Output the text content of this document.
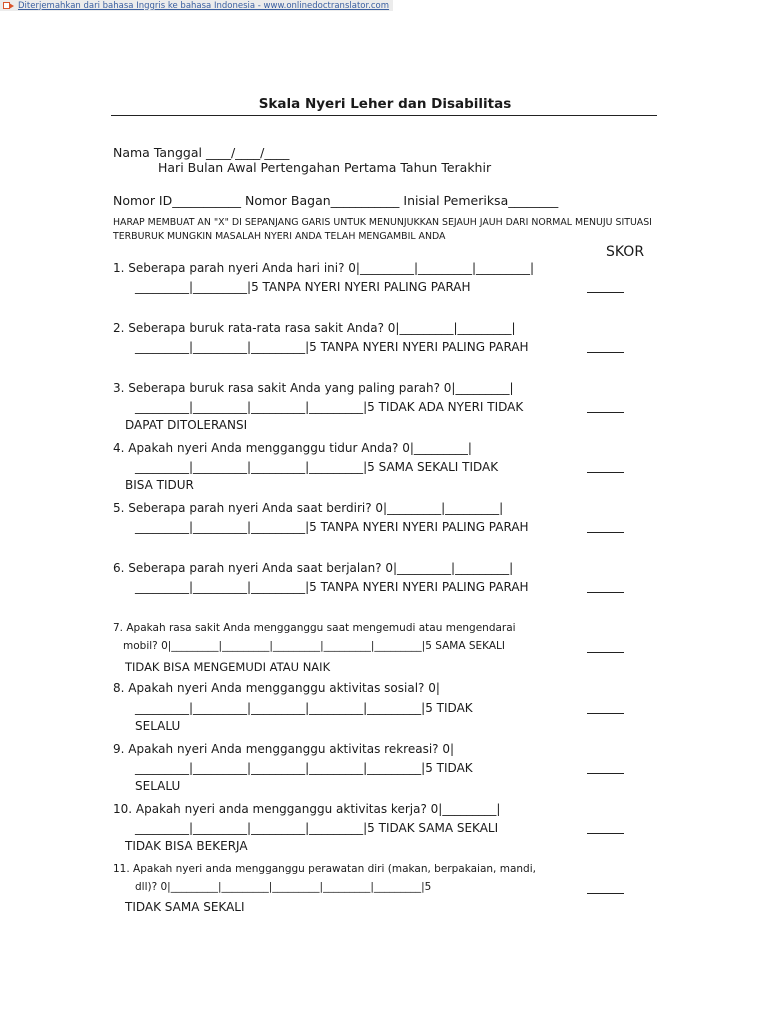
Diterjemahkan dari bahasa Inggris ke bahasa Indonesia - www.onlinedoctranslator.com
Skala Nyeri Leher dan Disabilitas
Nama Tanggal ____/____/____
Hari Bulan Awal Pertengahan Pertama Tahun Terakhir
Nomor ID___________ Nomor Bagan___________ Inisial Pemeriksa________
HARAP MEMBUAT AN "X" DI SEPANJANG GARIS UNTUK MENUNJUKKAN SEJAUH JAUH DARI NORMAL MENUJU SITUASI
TERBURUK MUNGKIN MASALAH NYERI ANDA TELAH MENGAMBIL ANDA
SKOR
1. Seberapa parah nyeri Anda hari ini? 0|_________|_________|_________|
_________|_________|5 TANPA NYERI NYERI PALING PARAH
2. Seberapa buruk rata-rata rasa sakit Anda? 0|_________|_________|
_________|_________|_________|5 TANPA NYERI NYERI PALING PARAH
3. Seberapa buruk rasa sakit Anda yang paling parah? 0|_________|
_________|_________|_________|_________|5 TIDAK ADA NYERI TIDAK
DAPAT DITOLERANSI
4. Apakah nyeri Anda mengganggu tidur Anda? 0|_________|
_________|_________|_________|_________|5 SAMA SEKALI TIDAK
BISA TIDUR
5. Seberapa parah nyeri Anda saat berdiri? 0|_________|_________|
_________|_________|_________|5 TANPA NYERI NYERI PALING PARAH
6. Seberapa parah nyeri Anda saat berjalan? 0|_________|_________|
_________|_________|_________|5 TANPA NYERI NYERI PALING PARAH
7. Apakah rasa sakit Anda mengganggu saat mengemudi atau mengendarai
mobil? 0|_________|_________|_________|_________|_________|5 SAMA SEKALI
TIDAK BISA MENGEMUDI ATAU NAIK
8. Apakah nyeri Anda mengganggu aktivitas sosial? 0|
_________|_________|_________|_________|_________|5 TIDAK
SELALU
9. Apakah nyeri Anda mengganggu aktivitas rekreasi? 0|
_________|_________|_________|_________|_________|5 TIDAK
SELALU
10. Apakah nyeri anda mengganggu aktivitas kerja? 0|_________|
_________|_________|_________|_________|5 TIDAK SAMA SEKALI
TIDAK BISA BEKERJA
11. Apakah nyeri anda mengganggu perawatan diri (makan, berpakaian, mandi,
dll)? 0|_________|_________|_________|_________|_________|5
TIDAK SAMA SEKALI
